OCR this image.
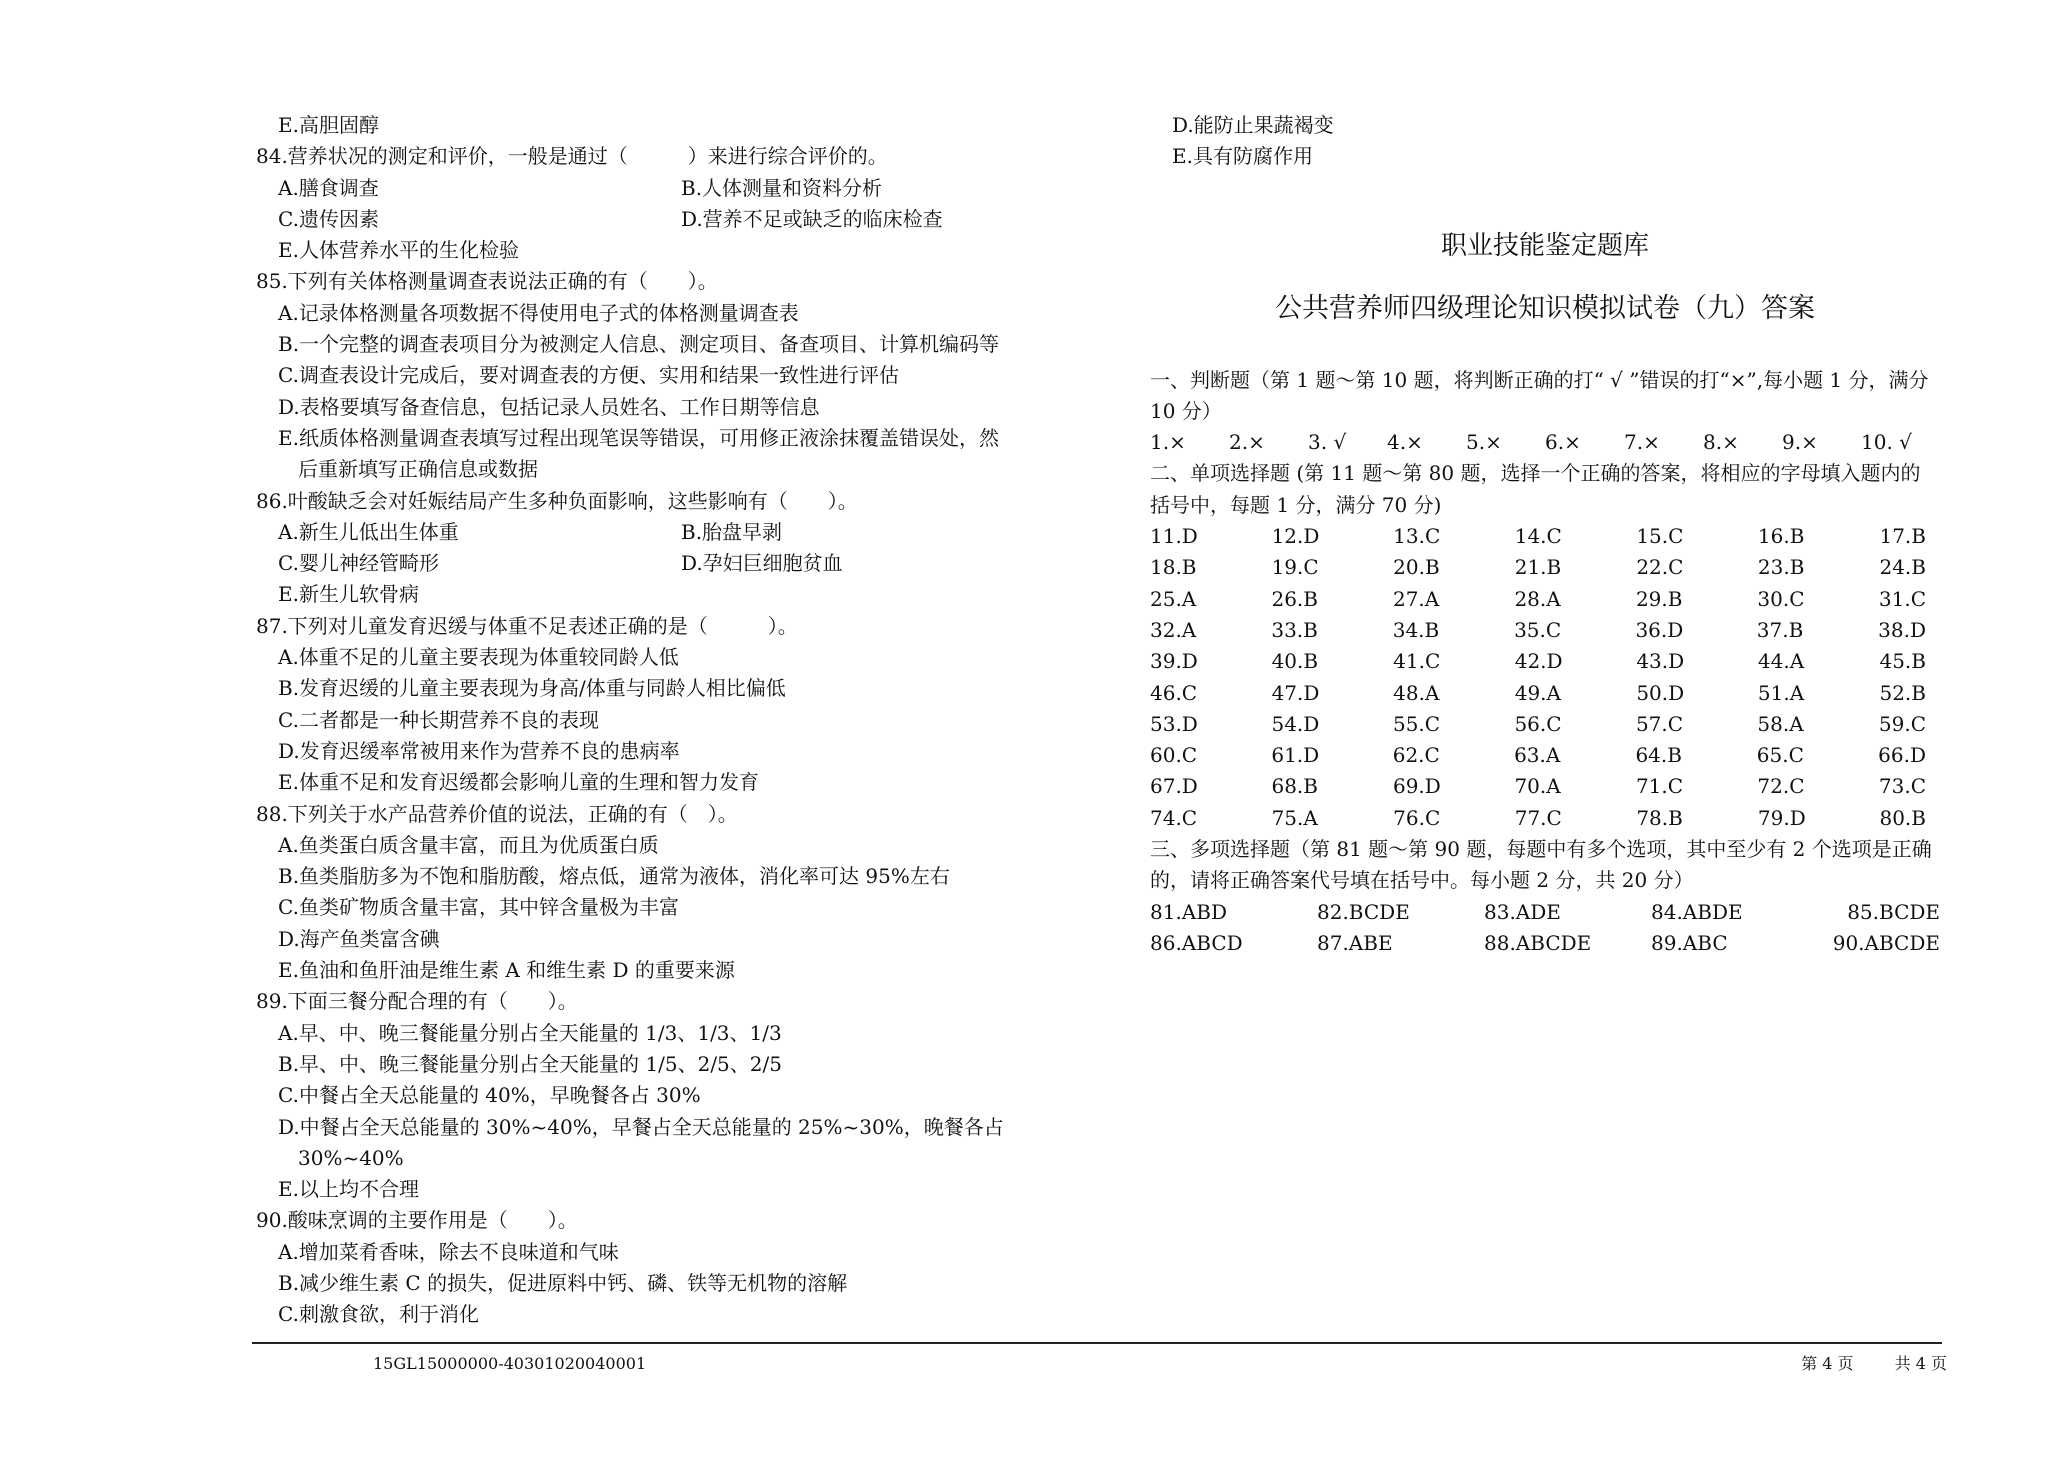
E.高胆固醇
84.营养状况的测定和评价，一般是通过（　　　）来进行综合评价的。
A.膳食调查	B.人体测量和资料分析
C.遗传因素	D.营养不足或缺乏的临床检查
E.人体营养水平的生化检验
85.下列有关体格测量调查表说法正确的有（　　）。
A.记录体格测量各项数据不得使用电子式的体格测量调查表
B.一个完整的调查表项目分为被测定人信息、测定项目、备查项目、计算机编码等
C.调查表设计完成后，要对调查表的方便、实用和结果一致性进行评估
D.表格要填写备查信息，包括记录人员姓名、工作日期等信息
E.纸质体格测量调查表填写过程出现笔误等错误，可用修正液涂抹覆盖错误处，然
后重新填写正确信息或数据
86.叶酸缺乏会对妊娠结局产生多种负面影响，这些影响有（　　）。
A.新生儿低出生体重	B.胎盘早剥
C.婴儿神经管畸形	D.孕妇巨细胞贫血
E.新生儿软骨病
87.下列对儿童发育迟缓与体重不足表述正确的是（　　　）。
A.体重不足的儿童主要表现为体重较同龄人低
B.发育迟缓的儿童主要表现为身高/体重与同龄人相比偏低
C.二者都是一种长期营养不良的表现
D.发育迟缓率常被用来作为营养不良的患病率
E.体重不足和发育迟缓都会影响儿童的生理和智力发育
88.下列关于水产品营养价值的说法，正确的有（　）。
A.鱼类蛋白质含量丰富，而且为优质蛋白质
B.鱼类脂肪多为不饱和脂肪酸，熔点低，通常为液体，消化率可达 95%左右
C.鱼类矿物质含量丰富，其中锌含量极为丰富
D.海产鱼类富含碘
E.鱼油和鱼肝油是维生素 A 和维生素 D 的重要来源
89.下面三餐分配合理的有（　　）。
A.早、中、晚三餐能量分别占全天能量的 1/3、1/3、1/3
B.早、中、晚三餐能量分别占全天能量的 1/5、2/5、2/5
C.中餐占全天总能量的 40%，早晚餐各占 30%
D.中餐占全天总能量的 30%~40%，早餐占全天总能量的 25%~30%，晚餐各占
30%~40%
E.以上均不合理
90.酸味烹调的主要作用是（　　）。
A.增加菜肴香味，除去不良味道和气味
B.减少维生素 C 的损失，促进原料中钙、磷、铁等无机物的溶解
C.刺激食欲，利于消化
D.能防止果蔬褐变
E.具有防腐作用
职业技能鉴定题库
公共营养师四级理论知识模拟试卷（九）答案
一、判断题（第 1 题～第 10 题，将判断正确的打“ √ ”错误的打“×”,每小题 1 分，满分 10 分）
1.×	2.×	3. √	4.×	5.×	6.×	7.×	8.×	9.×	10. √
二、单项选择题 (第 11 题～第 80 题，选择一个正确的答案，将相应的字母填入题内的括号中，每题 1 分，满分 70 分)
11.D	12.D	13.C	14.C	15.C	16.B	17.B
18.B	19.C	20.B	21.B	22.C	23.B	24.B
25.A	26.B	27.A	28.A	29.B	30.C	31.C
32.A	33.B	34.B	35.C	36.D	37.B	38.D
39.D	40.B	41.C	42.D	43.D	44.A	45.B
46.C	47.D	48.A	49.A	50.D	51.A	52.B
53.D	54.D	55.C	56.C	57.C	58.A	59.C
60.C	61.D	62.C	63.A	64.B	65.C	66.D
67.D	68.B	69.D	70.A	71.C	72.C	73.C
74.C	75.A	76.C	77.C	78.B	79.D	80.B
三、多项选择题（第 81 题～第 90 题，每题中有多个选项，其中至少有 2 个选项是正确的，请将正确答案代号填在括号中。每小题 2 分，共 20 分）
81.ABD	82.BCDE	83.ADE	84.ABDE	85.BCDE
86.ABCD	87.ABE	88.ABCDE	89.ABC	90.ABCDE
15GL15000000-40301020040001	第 4 页	共 4 页
